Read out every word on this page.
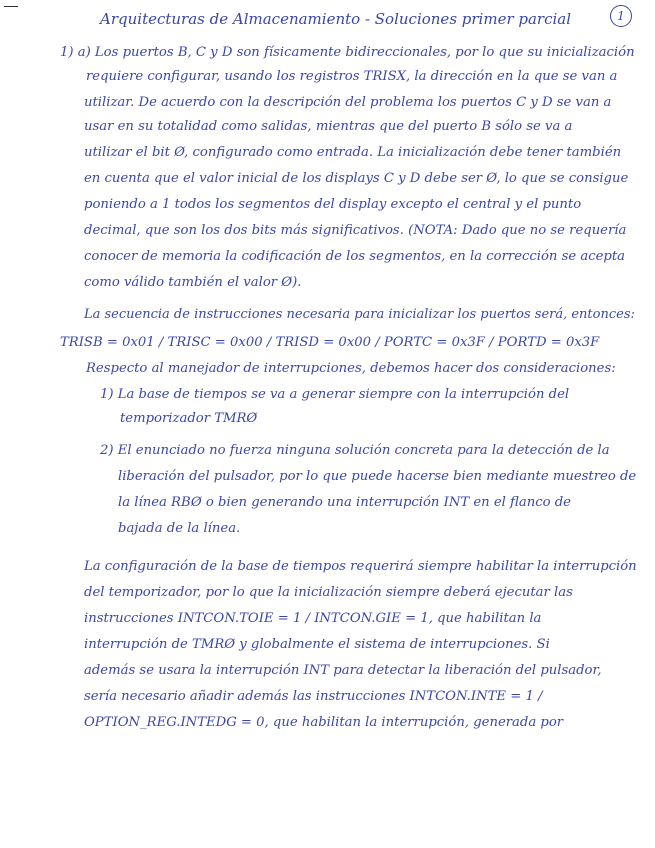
Arquitecturas de Almacenamiento - Soluciones primer parcial	1
1) a) Los puertos B, C y D son físicamente bidireccionales, por lo que su inicialización
requiere configurar, usando los registros TRISX, la dirección en la que se van a
utilizar. De acuerdo con la descripción del problema los puertos C y D se van a
usar en su totalidad como salidas, mientras que del puerto B sólo se va a
utilizar el bit Ø, configurado como entrada. La inicialización debe tener también
en cuenta que el valor inicial de los displays C y D debe ser Ø, lo que se consigue
poniendo a 1 todos los segmentos del display excepto el central y el punto
decimal, que son los dos bits más significativos. (NOTA: Dado que no se requería
conocer de memoria la codificación de los segmentos, en la corrección se acepta
como válido también el valor Ø).
La secuencia de instrucciones necesaria para inicializar los puertos será, entonces:
TRISB = 0x01 / TRISC = 0x00 / TRISD = 0x00 / PORTC = 0x3F / PORTD = 0x3F
Respecto al manejador de interrupciones, debemos hacer dos consideraciones:
1) La base de tiempos se va a generar siempre con la interrupción del
temporizador TMRØ
2) El enunciado no fuerza ninguna solución concreta para la detección de la
liberación del pulsador, por lo que puede hacerse bien mediante muestreo de
la línea RBØ o bien generando una interrupción INT en el flanco de
bajada de la línea.
La configuración de la base de tiempos requerirá siempre habilitar la interrupción
del temporizador, por lo que la inicialización siempre deberá ejecutar las
instrucciones INTCON.TOIE = 1 / INTCON.GIE = 1, que habilitan la
interrupción de TMRØ y globalmente el sistema de interrupciones. Si
además se usara la interrupción INT para detectar la liberación del pulsador,
sería necesario añadir además las instrucciones INTCON.INTE = 1 /
OPTION_REG.INTEDG = 0, que habilitan la interrupción, generada por
